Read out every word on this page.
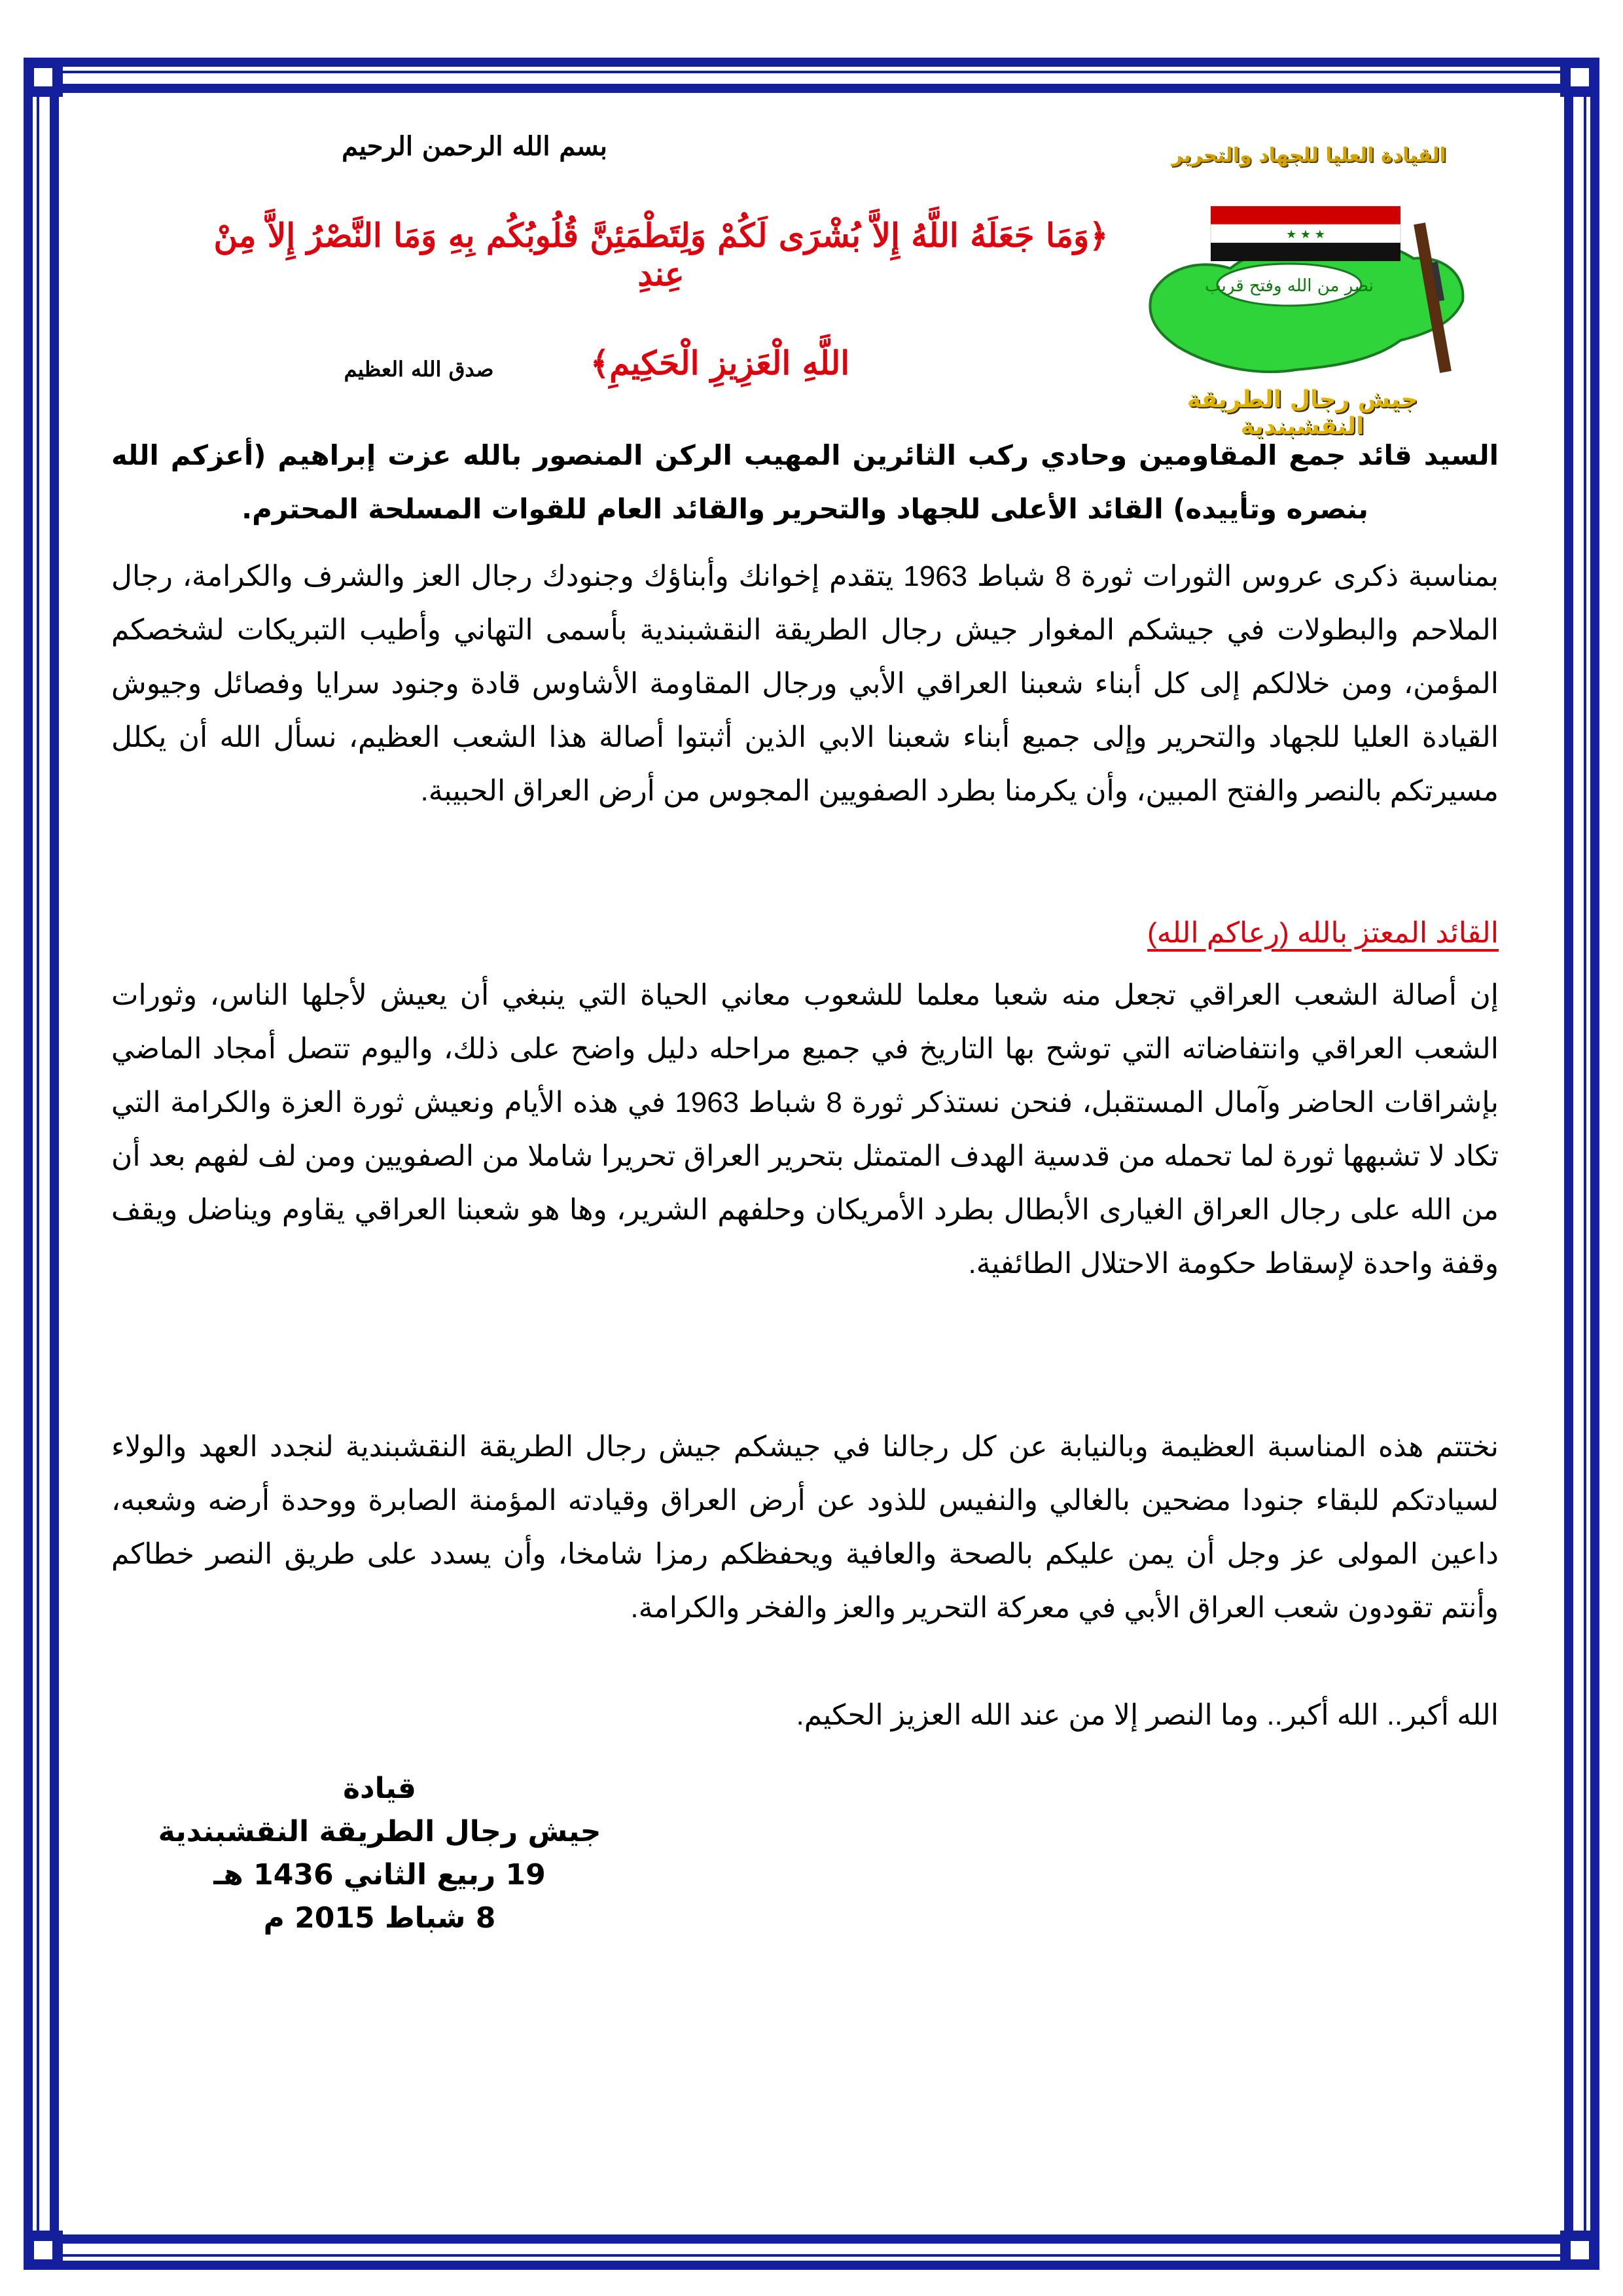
القيادة العليا للجهاد والتحرير
★ ★ ★
نصر من الله وفتح قريب
جيش رجال الطريقة النقشبندية
بسم الله الرحمن الرحيم
﴿وَمَا جَعَلَهُ اللَّهُ إِلاَّ بُشْرَى لَكُمْ وَلِتَطْمَئِنَّ قُلُوبُكُم بِهِ وَمَا النَّصْرُ إِلاَّ مِنْ عِندِ
اللَّهِ الْعَزِيزِ الْحَكِيمِ﴾
صدق الله العظيم
السيد قائد جمع المقاومين وحادي ركب الثائرين المهيب الركن المنصور بالله عزت إبراهيم (أعزكم الله بنصره وتأييده) القائد الأعلى للجهاد والتحرير والقائد العام للقوات المسلحة المحترم.
بمناسبة ذكرى عروس الثورات ثورة 8 شباط 1963 يتقدم إخوانك وأبناؤك وجنودك رجال العز والشرف والكرامة، رجال الملاحم والبطولات في جيشكم المغوار جيش رجال الطريقة النقشبندية بأسمى التهاني وأطيب التبريكات لشخصكم المؤمن، ومن خلالكم إلى كل أبناء شعبنا العراقي الأبي ورجال المقاومة الأشاوس قادة وجنود سرايا وفصائل وجيوش القيادة العليا للجهاد والتحرير وإلى جميع أبناء شعبنا الابي الذين أثبتوا أصالة هذا الشعب العظيم، نسأل الله أن يكلل مسيرتكم بالنصر والفتح المبين، وأن يكرمنا بطرد الصفويين المجوس من أرض العراق الحبيبة.
القائد المعتز بالله (رعاكم الله)
إن أصالة الشعب العراقي تجعل منه شعبا معلما للشعوب معاني الحياة التي ينبغي أن يعيش لأجلها الناس، وثورات الشعب العراقي وانتفاضاته التي توشح بها التاريخ في جميع مراحله دليل واضح على ذلك، واليوم تتصل أمجاد الماضي بإشراقات الحاضر وآمال المستقبل، فنحن نستذكر ثورة 8 شباط 1963 في هذه الأيام ونعيش ثورة العزة والكرامة التي تكاد لا تشبهها ثورة لما تحمله من قدسية الهدف المتمثل بتحرير العراق تحريرا شاملا من الصفويين ومن لف لفهم بعد أن من الله على رجال العراق الغيارى الأبطال بطرد الأمريكان وحلفهم الشرير، وها هو شعبنا العراقي يقاوم ويناضل ويقف وقفة واحدة لإسقاط حكومة الاحتلال الطائفية.
نختتم هذه المناسبة العظيمة وبالنيابة عن كل رجالنا في جيشكم جيش رجال الطريقة النقشبندية لنجدد العهد والولاء لسيادتكم للبقاء جنودا مضحين بالغالي والنفيس للذود عن أرض العراق وقيادته المؤمنة الصابرة ووحدة أرضه وشعبه، داعين المولى عز وجل أن يمن عليكم بالصحة والعافية ويحفظكم رمزا شامخا، وأن يسدد على طريق النصر خطاكم وأنتم تقودون شعب العراق الأبي في معركة التحرير والعز والفخر والكرامة.
الله أكبر.. الله أكبر.. وما النصر إلا من عند الله العزيز الحكيم.
قيادة
جيش رجال الطريقة النقشبندية
19 ربيع الثاني 1436 هـ
8 شباط 2015 م
